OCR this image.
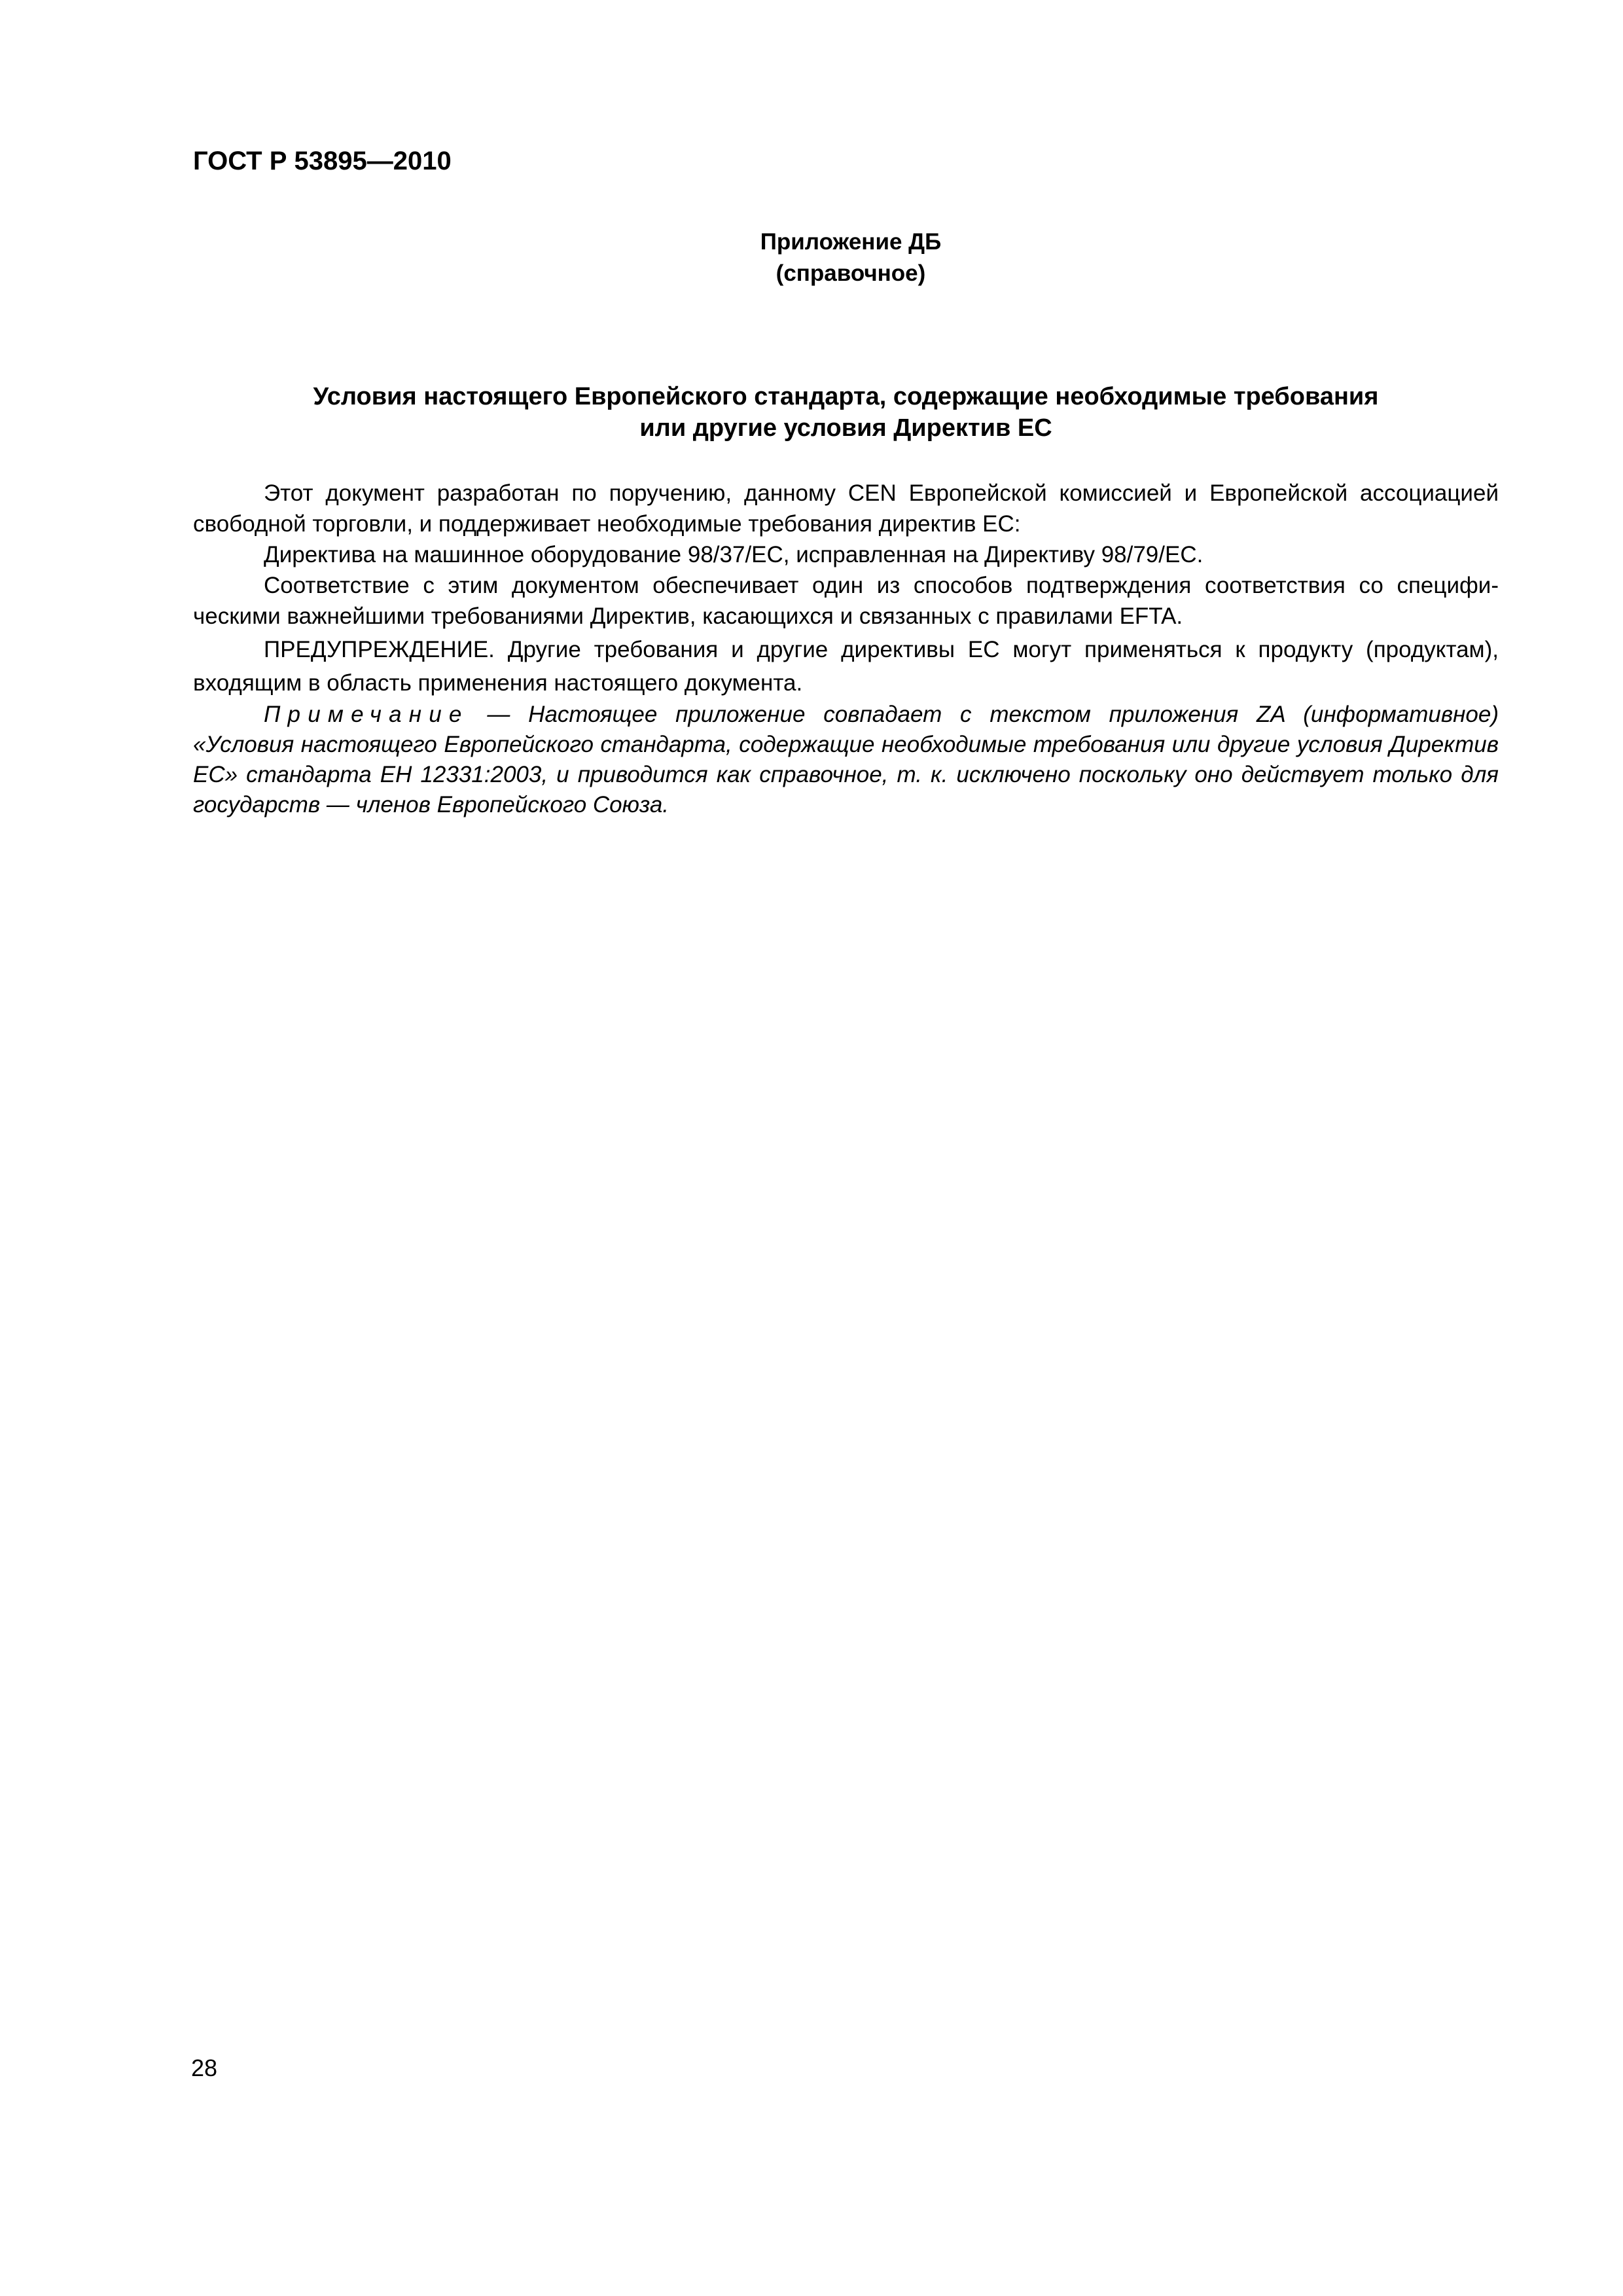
ГОСТ Р 53895—2010
Приложение ДБ
(справочное)
Условия настоящего Европейского стандарта, содержащие необходимые требования
или другие условия Директив ЕС

Этот документ разработан по поручению, данному CEN Европейской комиссией и Европейской ассоциацией свободной торговли, и поддерживает необходимые требования директив ЕС:

Директива на машинное оборудование 98/37/ЕС, исправленная на Директиву 98/79/ЕС.

Соответствие с этим документом обеспечивает один из способов подтверждения соответствия со специфическими важнейшими требованиями Директив, касающихся и связанных с правилами EFTA.

ПРЕДУПРЕЖДЕНИЕ. Другие требования и другие директивы ЕС могут применяться к продукту (продуктам), входящим в область применения настоящего документа.

Примечание — Настоящее приложение совпадает с текстом приложения ZA (информативное) «Условия настоящего Европейского стандарта, содержащие необходимые требования или другие условия Директив ЕС» стандарта ЕН 12331:2003, и приводится как справочное, т. к. исключено поскольку оно действует только для государств — членов Европейского Союза.

28
